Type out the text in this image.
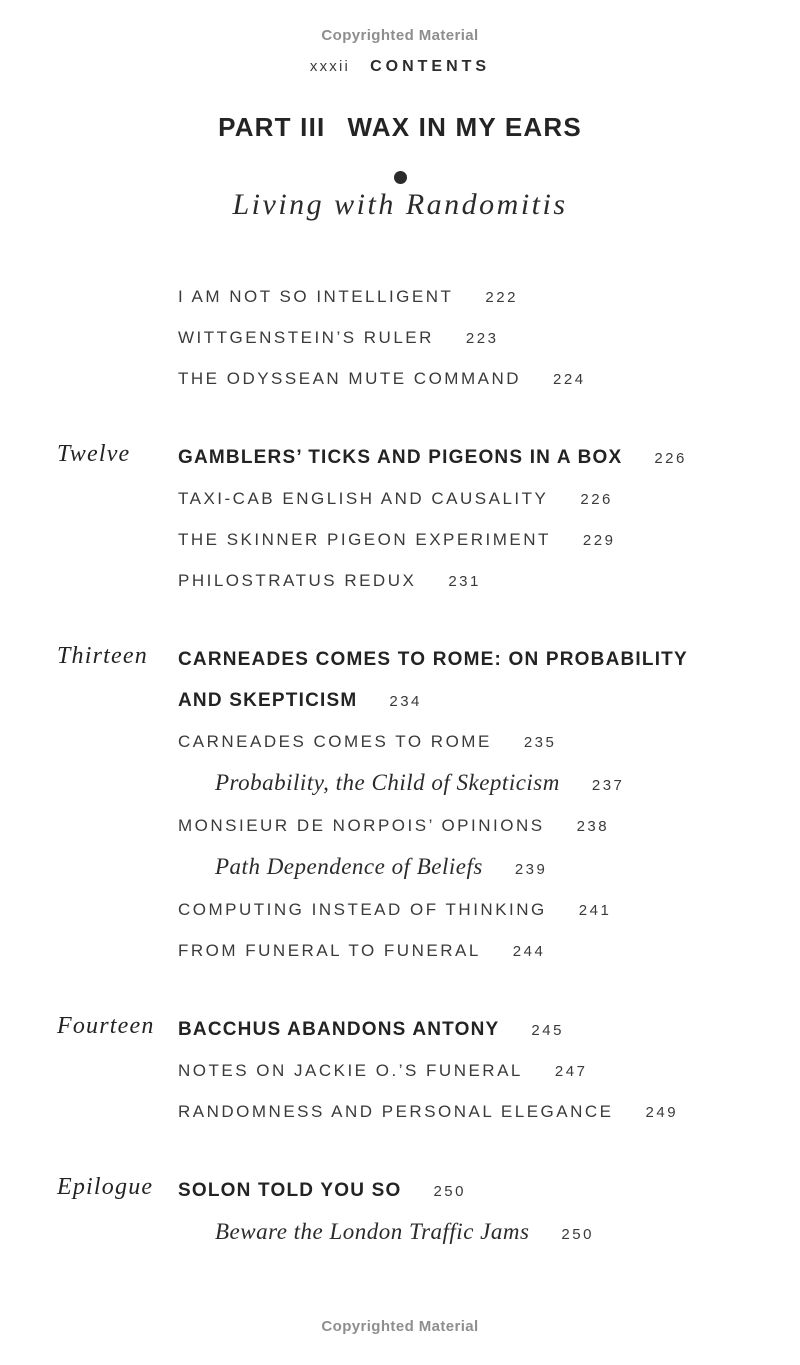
Copyrighted Material
xxxii CONTENTS
PART III WAX IN MY EARS
Living with Randomitis
I AM NOT SO INTELLIGENT 222
WITTGENSTEIN’S RULER 223
THE ODYSSEAN MUTE COMMAND 224
Twelve	GAMBLERS’ TICKS AND PIGEONS IN A BOX 226
TAXI-CAB ENGLISH AND CAUSALITY 226
THE SKINNER PIGEON EXPERIMENT 229
PHILOSTRATUS REDUX 231
Thirteen CARNEADES COMES TO ROME: ON PROBABILITY AND SKEPTICISM 234
CARNEADES COMES TO ROME 235
Probability, the Child of Skepticism 237
MONSIEUR DE NORPOIS’ OPINIONS 238
Path Dependence of Beliefs 239
COMPUTING INSTEAD OF THINKING 241
FROM FUNERAL TO FUNERAL 244
Fourteen BACCHUS ABANDONS ANTONY 245
NOTES ON JACKIE O.’S FUNERAL 247
RANDOMNESS AND PERSONAL ELEGANCE 249
Epilogue SOLON TOLD YOU SO 250
Beware the London Traffic Jams 250
Copyrighted Material
